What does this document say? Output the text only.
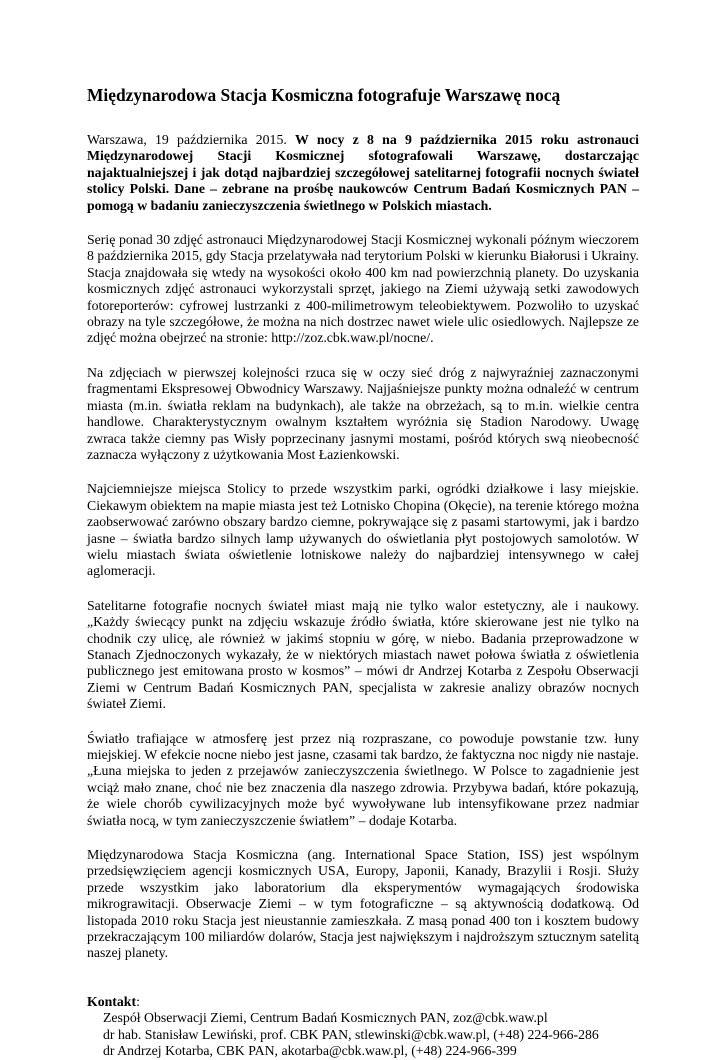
Międzynarodowa Stacja Kosmiczna fotografuje Warszawę nocą

Warszawa, 19 października 2015. W nocy z 8 na 9 października 2015 roku astronauci Międzynarodowej Stacji Kosmicznej sfotografowali Warszawę, dostarczając najaktualniejszej i jak dotąd najbardziej szczegółowej satelitarnej fotografii nocnych świateł stolicy Polski. Dane – zebrane na prośbę naukowców Centrum Badań Kosmicznych PAN – pomogą w badaniu zanieczyszczenia świetlnego w Polskich miastach.

Serię ponad 30 zdjęć astronauci Międzynarodowej Stacji Kosmicznej wykonali późnym wieczorem 8 października 2015, gdy Stacja przelatywała nad terytorium Polski w kierunku Białorusi i Ukrainy. Stacja znajdowała się wtedy na wysokości około 400 km nad powierzchnią planety. Do uzyskania kosmicznych zdjęć astronauci wykorzystali sprzęt, jakiego na Ziemi używają setki zawodowych fotoreporterów: cyfrowej lustrzanki z 400-milimetrowym teleobiektywem. Pozwoliło to uzyskać obrazy na tyle szczegółowe, że można na nich dostrzec nawet wiele ulic osiedlowych. Najlepsze ze zdjęć można obejrzeć na stronie: http://zoz.cbk.waw.pl/nocne/.

Na zdjęciach w pierwszej kolejności rzuca się w oczy sieć dróg z najwyraźniej zaznaczonymi fragmentami Ekspresowej Obwodnicy Warszawy. Najjaśniejsze punkty można odnaleźć w centrum miasta (m.in. światła reklam na budynkach), ale także na obrzeżach, są to m.in. wielkie centra handlowe. Charakterystycznym owalnym kształtem wyróżnia się Stadion Narodowy. Uwagę zwraca także ciemny pas Wisły poprzecinany jasnymi mostami, pośród których swą nieobecność zaznacza wyłączony z użytkowania Most Łazienkowski.

Najciemniejsze miejsca Stolicy to przede wszystkim parki, ogródki działkowe i lasy miejskie. Ciekawym obiektem na mapie miasta jest też Lotnisko Chopina (Okęcie), na terenie którego można zaobserwować zarówno obszary bardzo ciemne, pokrywające się z pasami startowymi, jak i bardzo jasne – światła bardzo silnych lamp używanych do oświetlania płyt postojowych samolotów. W wielu miastach świata oświetlenie lotniskowe należy do najbardziej intensywnego w całej aglomeracji.

Satelitarne fotografie nocnych świateł miast mają nie tylko walor estetyczny, ale i naukowy. „Każdy świecący punkt na zdjęciu wskazuje źródło światła, które skierowane jest nie tylko na chodnik czy ulicę, ale również w jakimś stopniu w górę, w niebo. Badania przeprowadzone w Stanach Zjednoczonych wykazały, że w niektórych miastach nawet połowa światła z oświetlenia publicznego jest emitowana prosto w kosmos” – mówi dr Andrzej Kotarba z Zespołu Obserwacji Ziemi w Centrum Badań Kosmicznych PAN, specjalista w zakresie analizy obrazów nocnych świateł Ziemi.

Światło trafiające w atmosferę jest przez nią rozpraszane, co powoduje powstanie tzw. łuny miejskiej. W efekcie nocne niebo jest jasne, czasami tak bardzo, że faktyczna noc nigdy nie nastaje. „Łuna miejska to jeden z przejawów zanieczyszczenia świetlnego. W Polsce to zagadnienie jest wciąż mało znane, choć nie bez znaczenia dla naszego zdrowia. Przybywa badań, które pokazują, że wiele chorób cywilizacyjnych może być wywoływane lub intensyfikowane przez nadmiar światła nocą, w tym zanieczyszczenie światłem” – dodaje Kotarba.

Międzynarodowa Stacja Kosmiczna (ang. International Space Station, ISS) jest wspólnym przedsięwzięciem agencji kosmicznych USA, Europy, Japonii, Kanady, Brazylii i Rosji. Służy przede wszystkim jako laboratorium dla eksperymentów wymagających środowiska mikrograwitacji. Obserwacje Ziemi – w tym fotograficzne – są aktywnością dodatkową. Od listopada 2010 roku Stacja jest nieustannie zamieszkała. Z masą ponad 400 ton i kosztem budowy przekraczającym 100 miliardów dolarów, Stacja jest największym i najdroższym sztucznym satelitą naszej planety.

Kontakt:
Zespół Obserwacji Ziemi, Centrum Badań Kosmicznych PAN, zoz@cbk.waw.pl
dr hab. Stanisław Lewiński, prof. CBK PAN, stlewinski@cbk.waw.pl, (+48) 224-966-286
dr Andrzej Kotarba, CBK PAN, akotarba@cbk.waw.pl, (+48) 224-966-399
